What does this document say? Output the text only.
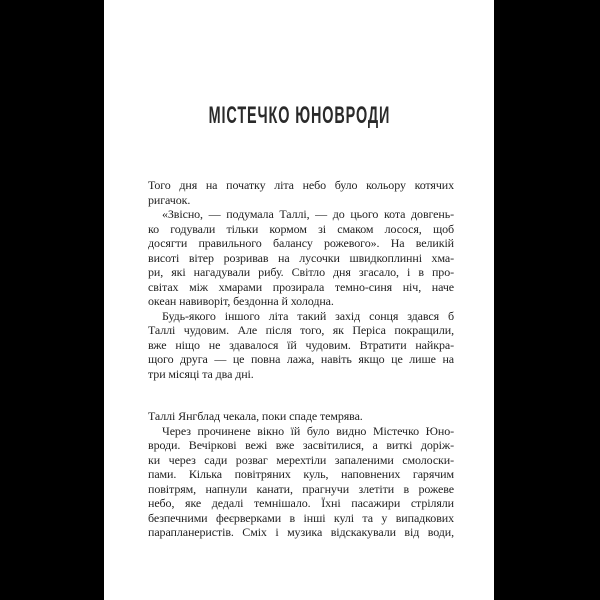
МІСТЕЧКО ЮНОВРОДИ
Того дня на початку літа небо було кольору котячих
ригачок.
«Звісно, — подумала Таллі, — до цього кота довгень-
ко годували тільки кормом зі смаком лосося, щоб
досягти правильного балансу рожевого». На великій
висоті вітер розривав на лусочки швидкоплинні хма-
ри, які нагадували рибу. Світло дня згасало, і в про-
світах між хмарами прозирала темно-синя ніч, наче
океан навиворіт, бездонна й холодна.
Будь-якого іншого літа такий захід сонця здався б
Таллі чудовим. Але після того, як Періса покращили,
вже ніщо не здавалося їй чудовим. Втратити найкра-
щого друга — це повна лажа, навіть якщо це лише на
три місяці та два дні.
Таллі Янгблад чекала, поки спаде темрява.
Через прочинене вікно їй було видно Містечко Юно-
вроди. Вечіркові вежі вже засвітилися, а виткі доріж-
ки через сади розваг мерехтіли запаленими смолоски-
пами. Кілька повітряних куль, наповнених гарячим
повітрям, напнули канати, прагнучи злетіти в рожеве
небо, яке дедалі темнішало. Їхні пасажири стріляли
безпечними феєрверками в інші кулі та у випадкових
парапланеристів. Сміх і музика відскакували від води,
